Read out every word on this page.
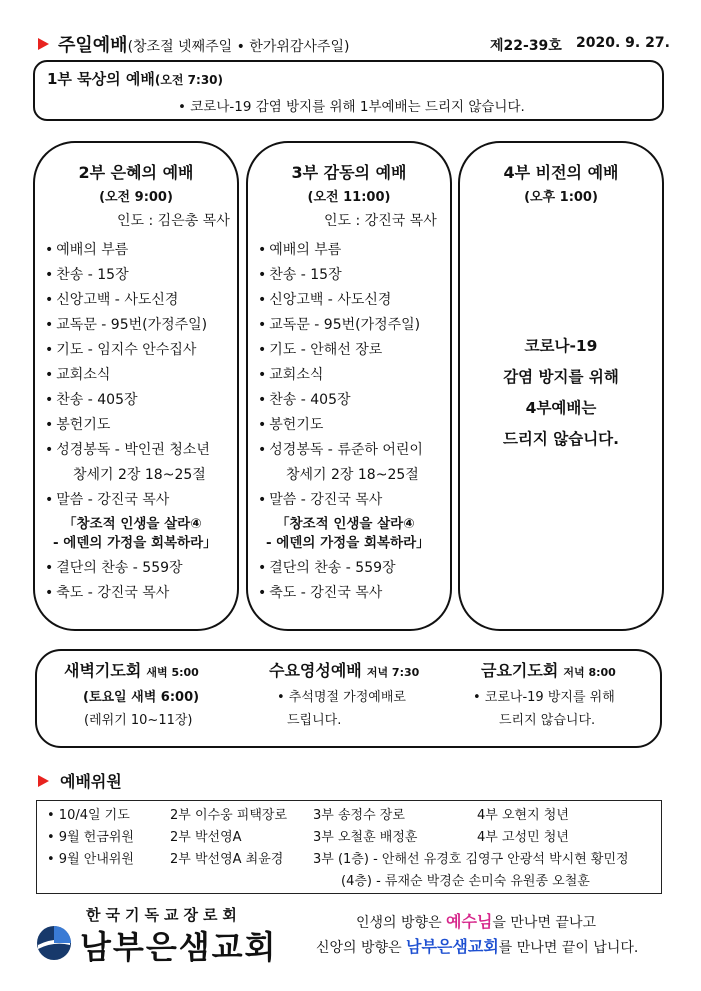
주일예배(창조절 넷째주일 • 한가위감사주일)	제22-39호 2020. 9. 27.
1부 묵상의 예배(오전 7:30)
• 코로나-19 감염 방지를 위해 1부예배는 드리지 않습니다.
2부 은혜의 예배
(오전 9:00)
인도 : 김은총 목사
• 예배의 부름
• 찬송 - 15장
• 신앙고백 - 사도신경
• 교독문 - 95번(가정주일)
• 기도 - 임지수 안수집사
• 교회소식
• 찬송 - 405장
• 봉헌기도
• 성경봉독 - 박인권 청소년
창세기 2장 18~25절
• 말씀 - 강진국 목사
「창조적 인생을 살라④
- 에덴의 가정을 회복하라」
• 결단의 찬송 - 559장
• 축도 - 강진국 목사
3부 감동의 예배
(오전 11:00)
인도 : 강진국 목사
• 예배의 부름
• 찬송 - 15장
• 신앙고백 - 사도신경
• 교독문 - 95번(가정주일)
• 기도 - 안해선 장로
• 교회소식
• 찬송 - 405장
• 봉헌기도
• 성경봉독 - 류준하 어린이
창세기 2장 18~25절
• 말씀 - 강진국 목사
「창조적 인생을 살라④
- 에덴의 가정을 회복하라」
• 결단의 찬송 - 559장
• 축도 - 강진국 목사
4부 비전의 예배
(오후 1:00)
코로나-19
감염 방지를 위해
4부예배는
드리지 않습니다.
새벽기도회 새벽 5:00
(토요일 새벽 6:00)
(레위기 10~11장)
수요영성예배 저녁 7:30
• 추석명절 가정예배로
드립니다.
금요기도회 저녁 8:00
• 코로나-19 방지를 위해
드리지 않습니다.
예배위원
• 10/4일 기도	2부 이수웅 피택장로 3부 송정수 장로	4부 오현지 청년
• 9월 헌금위원	2부 박선영A	3부 오철훈 배정훈	4부 고성민 청년
• 9월 안내위원	2부 박선영A 최윤경 3부 (1층) - 안해선 유경호 김영구 안광석 박시현 황민정
(4층) - 류재순 박경순 손미숙 유원종 오철훈
한국기독교장로회
남부은샘교회
인생의 방향은 예수님을 만나면 끝나고
신앙의 방향은 남부은샘교회를 만나면 끝이 납니다.
